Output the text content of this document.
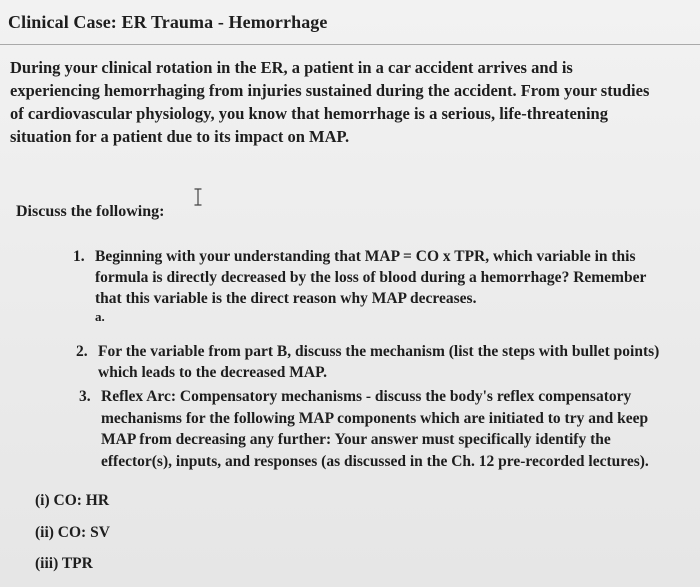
Clinical Case: ER Trauma - Hemorrhage
During your clinical rotation in the ER, a patient in a car accident arrives and is experiencing hemorrhaging from injuries sustained during the accident. From your studies of cardiovascular physiology, you know that hemorrhage is a serious, life-threatening situation for a patient due to its impact on MAP.
Discuss the following:
1. Beginning with your understanding that MAP = CO x TPR, which variable in this formula is directly decreased by the loss of blood during a hemorrhage? Remember that this variable is the direct reason why MAP decreases.
a.
2. For the variable from part B, discuss the mechanism (list the steps with bullet points) which leads to the decreased MAP.
3. Reflex Arc: Compensatory mechanisms - discuss the body's reflex compensatory mechanisms for the following MAP components which are initiated to try and keep MAP from decreasing any further: Your answer must specifically identify the effector(s), inputs, and responses (as discussed in the Ch. 12 pre-recorded lectures).
(i) CO: HR
(ii) CO: SV
(iii) TPR
